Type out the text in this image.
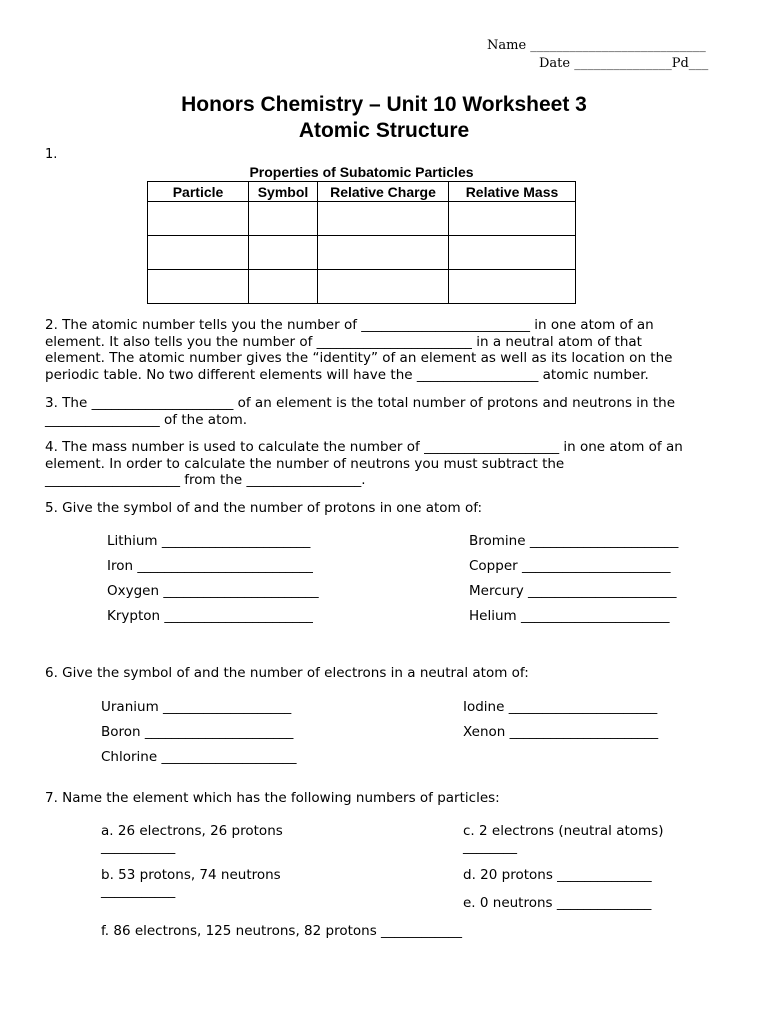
Name ___________________________
Date _______________Pd___
Honors Chemistry – Unit 10 Worksheet 3
Atomic Structure
1.
Properties of Subatomic Particles
Particle	Symbol	Relative Charge	Relative Mass

2. The atomic number tells you the number of _________________________ in one atom of an
element. It also tells you the number of _______________________ in a neutral atom of that
element. The atomic number gives the “identity” of an element as well as its location on the
periodic table. No two different elements will have the __________________ atomic number.
3. The _____________________ of an element is the total number of protons and neutrons in the
_________________ of the atom.
4. The mass number is used to calculate the number of ____________________ in one atom of an
element. In order to calculate the number of neutrons you must subtract the
____________________ from the _________________.
5. Give the symbol of and the number of protons in one atom of:
Lithium ______________________
Iron __________________________
Oxygen _______________________
Krypton ______________________
Bromine ______________________
Copper ______________________
Mercury ______________________
Helium ______________________
6. Give the symbol of and the number of electrons in a neutral atom of:
Uranium ___________________
Boron ______________________
Chlorine ____________________
Iodine ______________________
Xenon ______________________
7. Name the element which has the following numbers of particles:
a. 26 electrons, 26 protons
___________
b. 53 protons, 74 neutrons
___________
c. 2 electrons (neutral atoms)
________
d. 20 protons ______________
e. 0 neutrons ______________
f. 86 electrons, 125 neutrons, 82 protons ____________
